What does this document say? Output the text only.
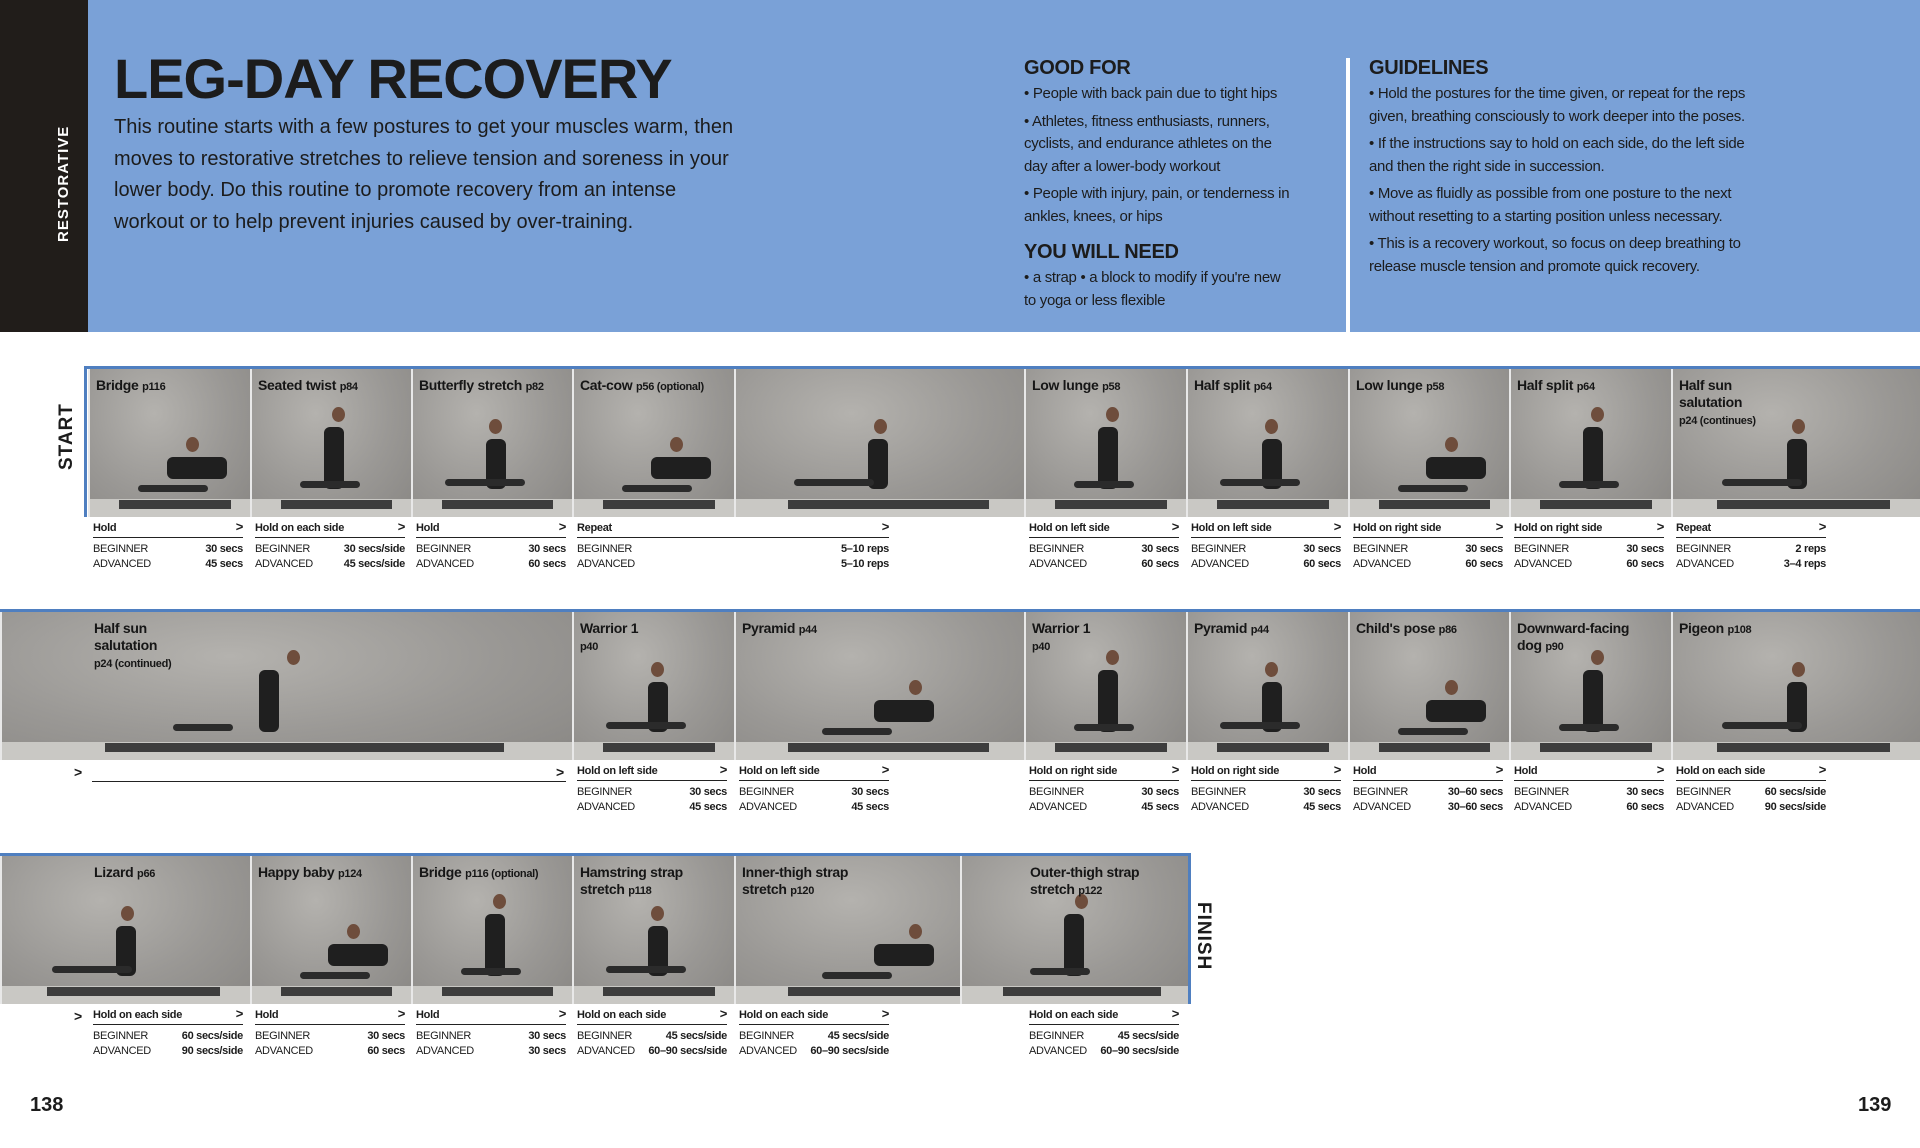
RESTORATIVE
LEG-DAY RECOVERY

This routine starts with a few postures to get your muscles warm, then moves to restorative stretches to relieve tension and soreness in your lower body. Do this routine to promote recovery from an intense workout or to help prevent injuries caused by over-training.

GOOD FOR

• People with back pain due to tight hips

• Athletes, fitness enthusiasts, runners, cyclists, and endurance athletes on the day after a lower-body workout

• People with injury, pain, or tenderness in ankles, knees, or hips

YOU WILL NEED

• a strap • a block to modify if you're new to yoga or less flexible

GUIDELINES

• Hold the postures for the time given, or repeat for the reps given, breathing consciously to work deeper into the poses.

• If the instructions say to hold on each side, do the left side and then the right side in succession.

• Move as fluidly as possible from one posture to the next without resetting to a starting position unless necessary.

• This is a recovery workout, so focus on deep breathing to release muscle tension and promote quick recovery.

START
FINISH
Bridge p116	Seated twist p84	Butterfly stretch p82	Cat-cow p56 (optional)	Low lunge p58	Half split p64	Low lunge p58	Half split p64	Half sun salutation
p24 (continues)
Hold	>
BEGINNER	30 secs
ADVANCED	45 secs
Hold on each side	>
BEGINNER	30 secs/side
ADVANCED	45 secs/side
Hold	>
BEGINNER	30 secs
ADVANCED	60 secs
Repeat	>
BEGINNER	5–10 reps
ADVANCED	5–10 reps
Hold on left side	>
BEGINNER	30 secs
ADVANCED	60 secs
Hold on left side	>
BEGINNER	30 secs
ADVANCED	60 secs
Hold on right side	>
BEGINNER	30 secs
ADVANCED	60 secs
Hold on right side	>
BEGINNER	30 secs
ADVANCED	60 secs
Repeat	>
BEGINNER	2 reps
ADVANCED	3–4 reps
Half sun salutation
p24 (continued)
>	>
Warrior 1
p40
Pyramid p44	Warrior 1
p40
Pyramid p44	Child's pose p86	Downward-facing dog p90
Pigeon p108
Hold on left side	>
BEGINNER	30 secs
ADVANCED	45 secs
Hold on left side	>
BEGINNER	30 secs
ADVANCED	45 secs
Hold on right side	>
BEGINNER	30 secs
ADVANCED	45 secs
Hold on right side	>
BEGINNER	30 secs
ADVANCED	45 secs
Hold	>
BEGINNER	30–60 secs
ADVANCED	30–60 secs
Hold	>
BEGINNER	30 secs
ADVANCED	60 secs
Hold on each side	>
BEGINNER	60 secs/side
ADVANCED	90 secs/side
Lizard p66	Happy baby p124	Bridge p116 (optional)	Hamstring strap stretch p118
Inner-thigh strap stretch p120
Outer-thigh strap stretch p122
> Hold on each side	>
BEGINNER	60 secs/side
ADVANCED	90 secs/side
Hold	>
BEGINNER	30 secs
ADVANCED	60 secs
Hold	>
BEGINNER	30 secs
ADVANCED	30 secs
Hold on each side	>
BEGINNER	45 secs/side
ADVANCED 60–90 secs/side
Hold on each side	>
BEGINNER	45 secs/side
ADVANCED 60–90 secs/side
Hold on each side	>
BEGINNER	45 secs/side
ADVANCED 60–90 secs/side
138	139
